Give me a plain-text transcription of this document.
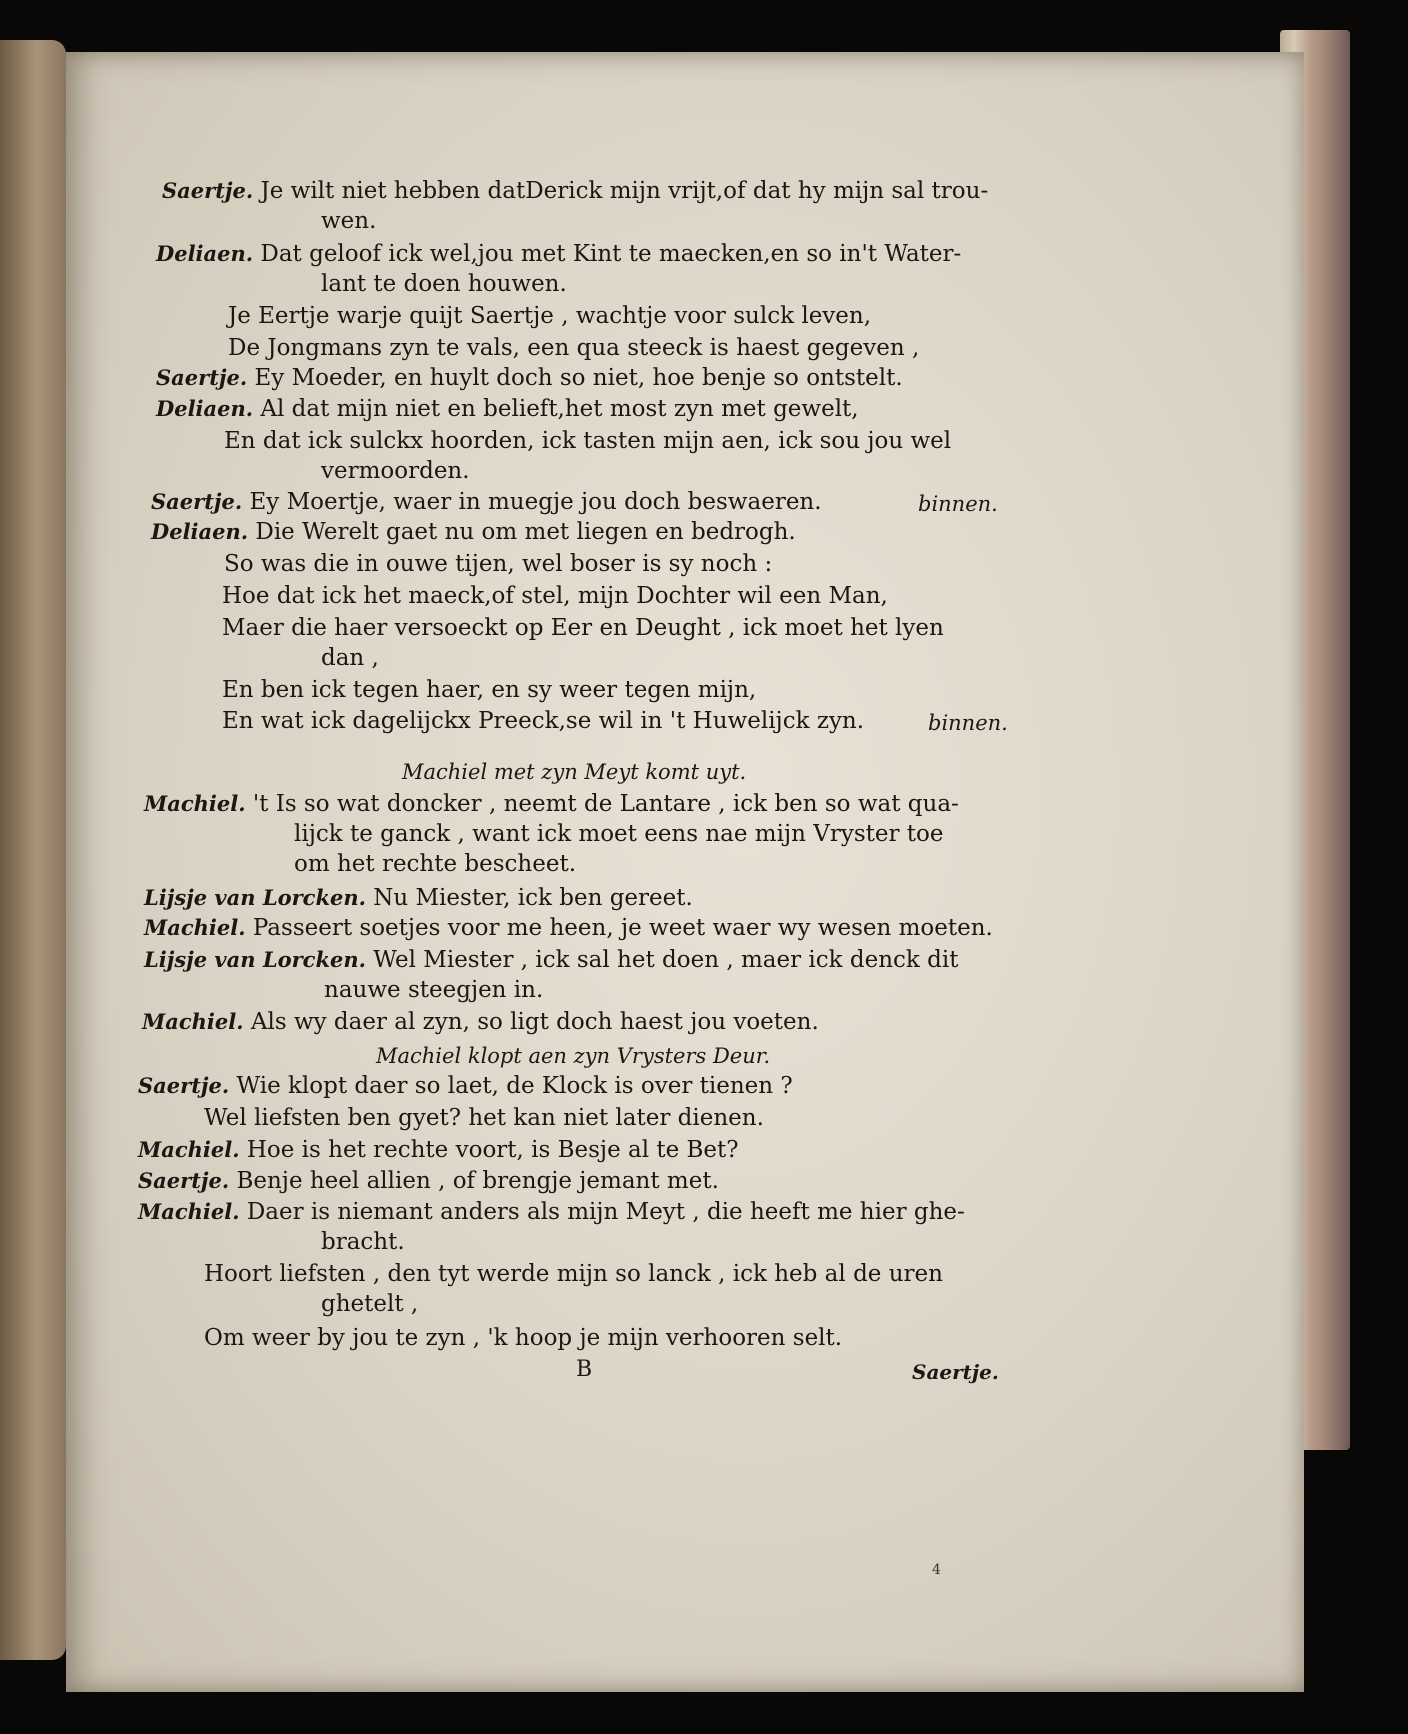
Saertje. Je wilt niet hebben datDerick mijn vrijt,of dat hy mijn sal trou-
wen.
Deliaen. Dat geloof ick wel,jou met Kint te maecken,en so in't Water-
lant te doen houwen.
Je Eertje warje quijt Saertje , wachtje voor sulck leven,
De Jongmans zyn te vals, een qua steeck is haest gegeven ,
Saertje. Ey Moeder, en huylt doch so niet, hoe benje so ontstelt.
Deliaen. Al dat mijn niet en belieft,het most zyn met gewelt,
En dat ick sulckx hoorden, ick tasten mijn aen, ick sou jou wel
vermoorden.
Saertje. Ey Moertje, waer in muegje jou doch beswaeren.	binnen.
Deliaen. Die Werelt gaet nu om met liegen en bedrogh.
So was die in ouwe tijen, wel boser is sy noch :
Hoe dat ick het maeck,of stel, mijn Dochter wil een Man,
Maer die haer versoeckt op Eer en Deught , ick moet het lyen
dan ,
En ben ick tegen haer, en sy weer tegen mijn,
En wat ick dagelijckx Preeck,se wil in 't Huwelijck zyn.	binnen.
Machiel met zyn Meyt komt uyt.
Machiel. 't Is so wat doncker , neemt de Lantare , ick ben so wat qua-
lijck te ganck , want ick moet eens nae mijn Vryster toe
om het rechte bescheet.
Lijsje van Lorcken. Nu Miester, ick ben gereet.
Machiel. Passeert soetjes voor me heen, je weet waer wy wesen moeten.
Lijsje van Lorcken. Wel Miester , ick sal het doen , maer ick denck dit
nauwe steegjen in.
Machiel. Als wy daer al zyn, so ligt doch haest jou voeten.
Machiel klopt aen zyn Vrysters Deur.
Saertje. Wie klopt daer so laet, de Klock is over tienen ?
Wel liefsten ben gyet? het kan niet later dienen.
Machiel. Hoe is het rechte voort, is Besje al te Bet?
Saertje. Benje heel allien , of brengje jemant met.
Machiel. Daer is niemant anders als mijn Meyt , die heeft me hier ghe-
bracht.
Hoort liefsten , den tyt werde mijn so lanck , ick heb al de uren
ghetelt ,
Om weer by jou te zyn , 'k hoop je mijn verhooren selt.
B	Saertje.
4
